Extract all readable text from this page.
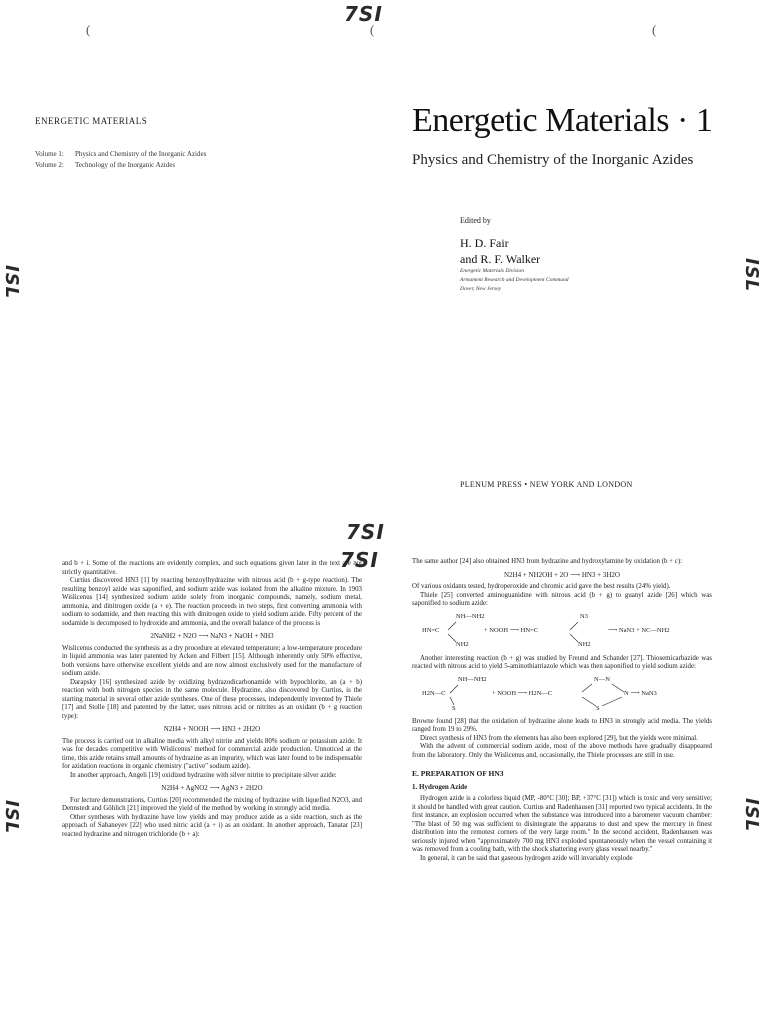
7SI
(	(	(
ISL	ISL
7SI
7SI
ISL	ISL
ENERGETIC MATERIALS
Volume 1: Physics and Chemistry of the Inorganic Azides
Volume 2: Technology of the Inorganic Azides
Energetic Materials · 1
Physics and Chemistry of the Inorganic Azides
Edited by
H. D. Fair
and R. F. Walker
Energetic Materials Division
Armament Research and Development Command
Dover, New Jersey
PLENUM PRESS • NEW YORK AND LONDON

and b + i. Some of the reactions are evidently complex, and such equations given later in the text are not strictly quantitative.

Curtius discovered HN3 [1] by reacting benzoylhydrazine with nitrous acid (b + g-type reaction). The resulting benzoyl azide was saponified, and sodium azide was isolated from the alkaline mixture. In 1903 Wislicenus [14] synthesized sodium azide solely from inorganic compounds, namely, sodium metal, ammonia, and dinitrogen oxide (a + e). The reaction proceeds in two steps, first converting ammonia with sodium to sodamide, and then reacting this with dinitrogen oxide to yield sodium azide. Fifty percent of the sodamide is decomposed to hydroxide and ammonia, and the overall balance of the process is

2NaNH2 + N2O ⟶ NaN3 + NaOH + NH3

Wislicenus conducted the synthesis as a dry procedure at elevated temperature; a low-temperature procedure in liquid ammonia was later patented by Acken and Filbert [15]. Although inherently only 50% effective, both versions have otherwise excellent yields and are now almost exclusively used for the manufacture of sodium azide.

Darapsky [16] synthesized azide by oxidizing hydrazodicarbonamide with hypochlorite, an (a + b) reaction with both nitrogen species in the same molecule. Hydrazine, also discovered by Curtius, is the starting material in several other azide syntheses. One of these processes, independently invented by Thiele [17] and Stolle [18] and patented by the latter, uses nitrous acid or nitrites as an oxidant (b + g reaction type):

N2H4 + NOOH ⟶ HN3 + 2H2O

The process is carried out in alkaline media with alkyl nitrite and yields 80% sodium or potassium azide. It was for decades competitive with Wislicenus' method for commercial azide production. Unnoticed at the time, this azide retains small amounts of hydrazine as an impurity, which was later found to be indispensable for azidation reactions in organic chemistry ("active" sodium azide).

In another approach, Angeli [19] oxidized hydrazine with silver nitrite to precipitate silver azide:

N2H4 + AgNO2 ⟶ AgN3 + 2H2O

For lecture demonstrations, Curtius [20] recommended the mixing of hydrazine with liquefied N2O3, and Dennstedt and Göhlich [21] improved the yield of the method by working in strongly acid media.

Other syntheses with hydrazine have low yields and may produce azide as a side reaction, such as the approach of Sabaneyev [22] who used nitric acid (a + i) as an oxidant. In another approach, Tanatar [23] reacted hydrazine and nitrogen trichloride (b + a):

The same author [24] also obtained HN3 from hydrazine and hydroxylamine by oxidation (b + c):

N2H4 + NH2OH + 2O ⟶ HN3 + 3H2O

Of various oxidants tested, hydroperoxide and chromic acid gave the best results (24% yield).

Thiele [25] converted aminoguanidine with nitrous acid (b + g) to guanyl azide [26] which was saponified to sodium azide:

NH—NH2
HN=C
NH2
+ NOOH ⟶ HN=C
N3
NH2
⟶ NaN3 + NC—NH2

Another interesting reaction (b + g) was studied by Freund and Schander [27]. Thiosemicarbazide was reacted with nitrous acid to yield 5-aminothiatriazole which was then saponified to yield sodium azide:

NH—NH2
H2N—C
S
+ NOOH ⟶ H2N—C
N—N
S
N ⟶ NaN3

Browne found [28] that the oxidation of hydrazine alone leads to HN3 in strongly acid media. The yields ranged from 19 to 29%.

Direct synthesis of HN3 from the elements has also been explored [29], but the yields were minimal.

With the advent of commercial sodium azide, most of the above methods have gradually disappeared from the laboratory. Only the Wislicenus and, occasionally, the Thiele processes are still in use.

E. PREPARATION OF HN3
1. Hydrogen Azide

Hydrogen azide is a colorless liquid (MP, -80°C [30]; BP, +37°C [31]) which is toxic and very sensitive; it should be handled with great caution. Curtius and Radenhausen [31] reported two typical accidents. In the first instance, an explosion occurred when the substance was introduced into a barometer vacuum chamber: "The blast of 50 mg was sufficient to disintegrate the apparatus to dust and spew the mercury in finest distribution into the remotest corners of the very large room." In the second accident, Radenhausen was seriously injured when "approximately 700 mg HN3 exploded spontaneously when the vessel containing it was removed from a cooling bath, with the shock shattering every glass vessel nearby."

In general, it can be said that gaseous hydrogen azide will invariably explode
